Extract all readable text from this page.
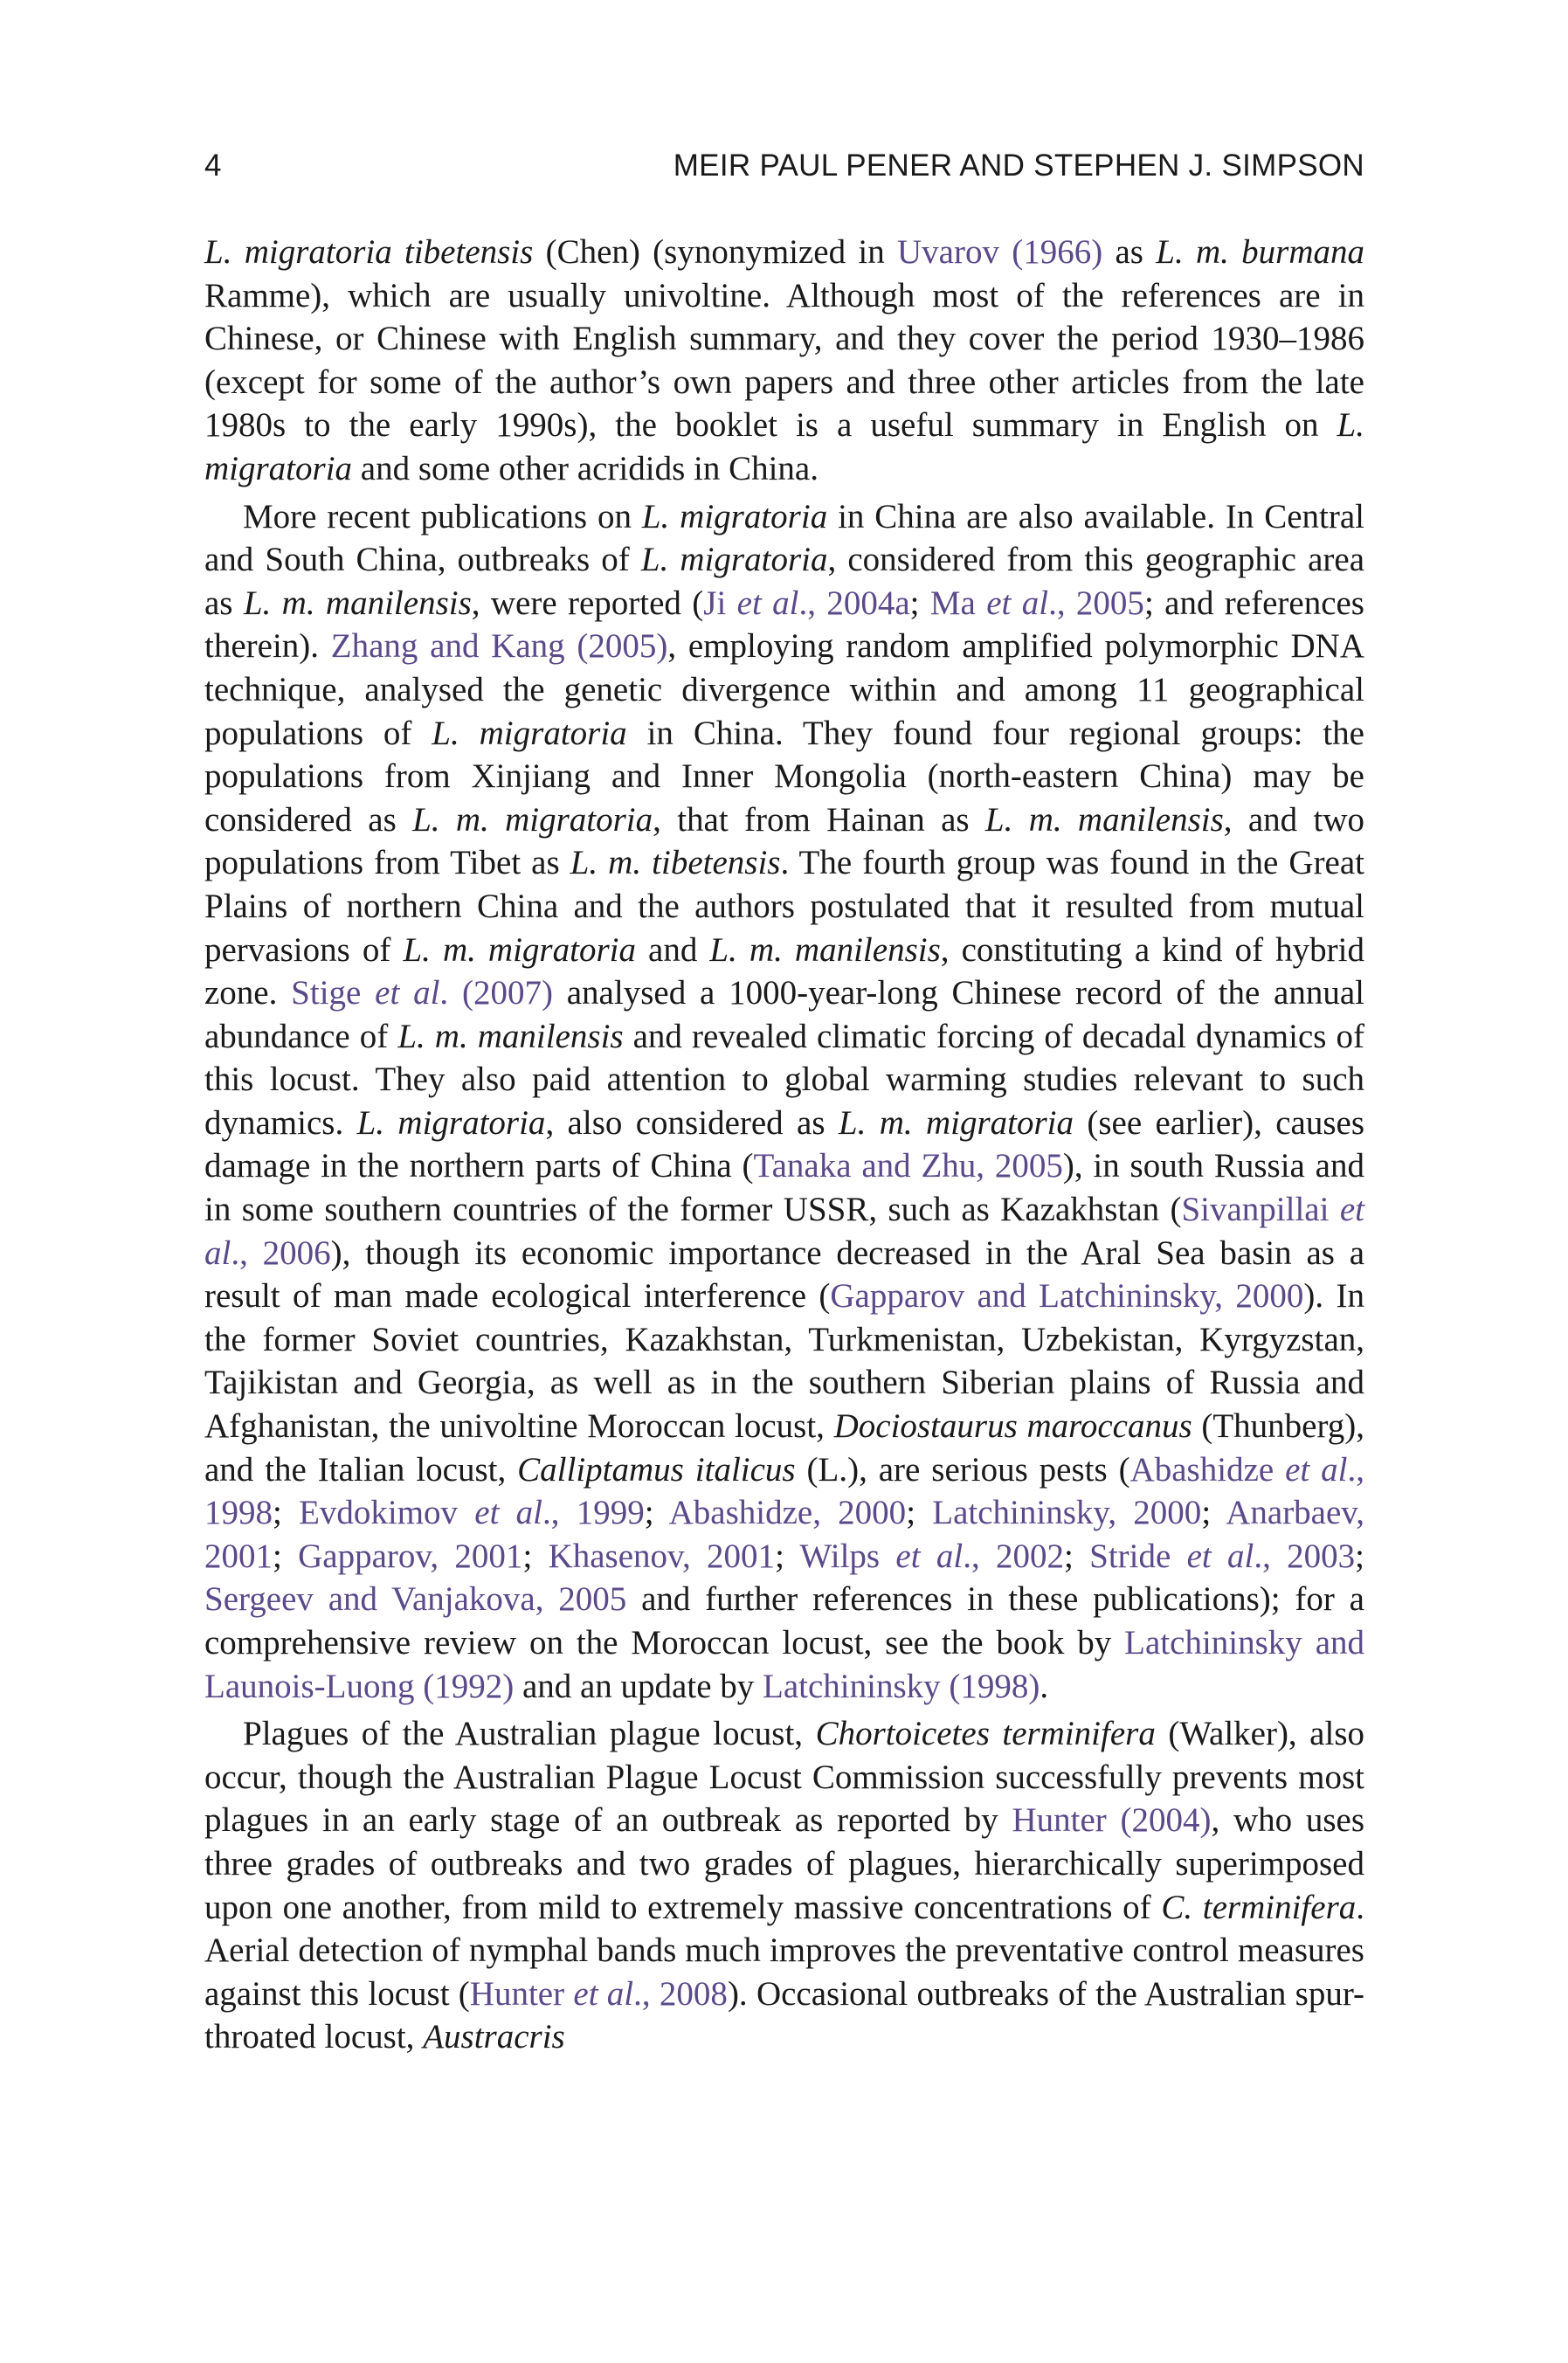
4	MEIR PAUL PENER AND STEPHEN J. SIMPSON

L. migratoria tibetensis (Chen) (synonymized in Uvarov (1966) as L. m. burmana Ramme), which are usually univoltine. Although most of the references are in Chinese, or Chinese with English summary, and they cover the period 1930–1986 (except for some of the author’s own papers and three other articles from the late 1980s to the early 1990s), the booklet is a useful summary in English on L. migratoria and some other acridids in China.

More recent publications on L. migratoria in China are also available. In Central and South China, outbreaks of L. migratoria, considered from this geographic area as L. m. manilensis, were reported (Ji et al., 2004a; Ma et al., 2005; and references therein). Zhang and Kang (2005), employing random amplified polymorphic DNA technique, analysed the genetic divergence within and among 11 geographical populations of L. migratoria in China. They found four regional groups: the populations from Xinjiang and Inner Mongolia (north-eastern China) may be considered as L. m. migratoria, that from Hainan as L. m. manilensis, and two populations from Tibet as L. m. tibetensis. The fourth group was found in the Great Plains of northern China and the authors postulated that it resulted from mutual pervasions of L. m. migratoria and L. m. manilensis, constituting a kind of hybrid zone. Stige et al. (2007) analysed a 1000-year-long Chinese record of the annual abundance of L. m. manilensis and revealed climatic forcing of decadal dynamics of this locust. They also paid attention to global warming studies relevant to such dynamics. L. migratoria, also considered as L. m. migratoria (see earlier), causes damage in the northern parts of China (Tanaka and Zhu, 2005), in south Russia and in some southern countries of the former USSR, such as Kazakhstan (Sivanpillai et al., 2006), though its economic importance decreased in the Aral Sea basin as a result of man made ecological interference (Gapparov and Latchininsky, 2000). In the former Soviet countries, Kazakhstan, Turkmenistan, Uzbekistan, Kyrgyzstan, Tajikistan and Georgia, as well as in the southern Siberian plains of Russia and Afghanistan, the univoltine Moroccan locust, Dociostaurus maroccanus (Thunberg), and the Italian locust, Calliptamus italicus (L.), are serious pests (Abashidze et al., 1998; Evdokimov et al., 1999; Abashidze, 2000; Latchininsky, 2000; Anarbaev, 2001; Gapparov, 2001; Khasenov, 2001; Wilps et al., 2002; Stride et al., 2003; Sergeev and Vanjakova, 2005 and further references in these publications); for a comprehensive review on the Moroccan locust, see the book by Latchininsky and Launois-Luong (1992) and an update by Latchininsky (1998).

Plagues of the Australian plague locust, Chortoicetes terminifera (Walker), also occur, though the Australian Plague Locust Commission successfully prevents most plagues in an early stage of an outbreak as reported by Hunter (2004), who uses three grades of outbreaks and two grades of plagues, hierarchically superimposed upon one another, from mild to extremely massive concentrations of C. terminifera. Aerial detection of nymphal bands much improves the preventative control measures against this locust (Hunter et al., 2008). Occasional outbreaks of the Australian spur-throated locust, Austracris
